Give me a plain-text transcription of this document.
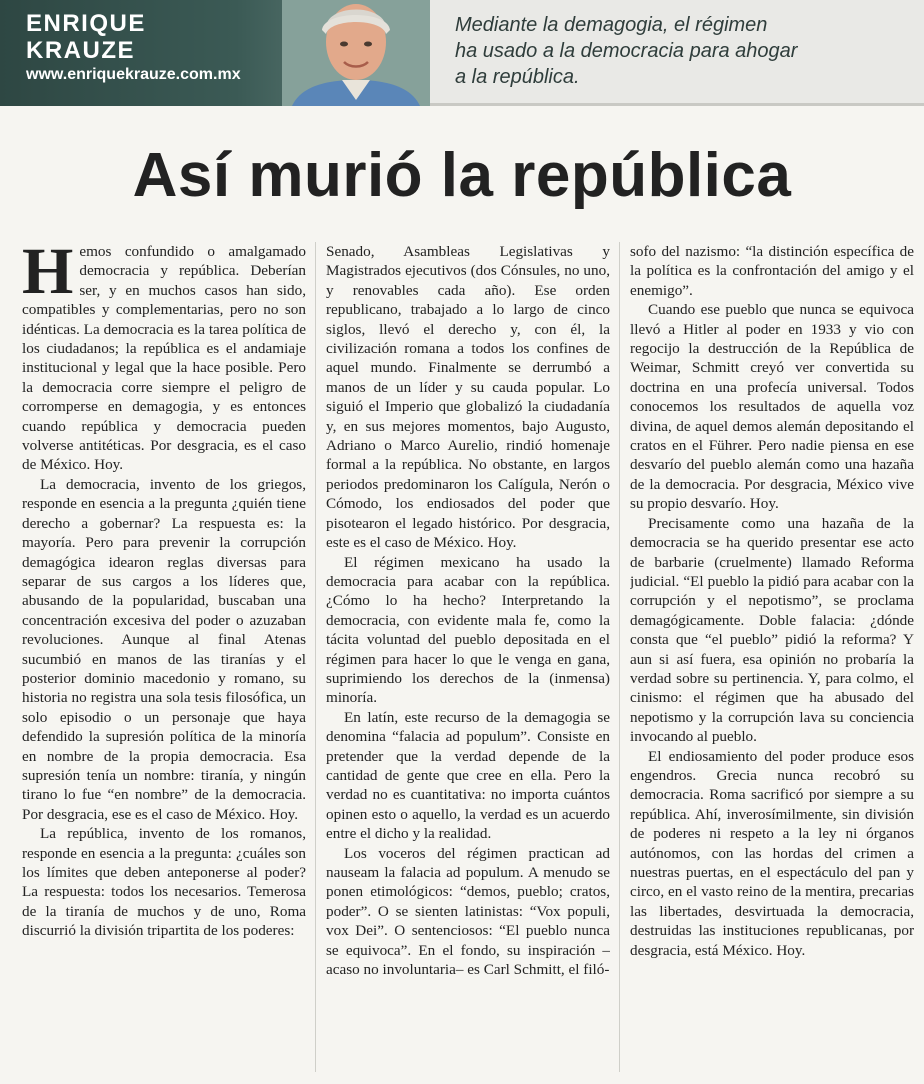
ENRIQUE
KRAUZE
www.enriquekrauze.com.mx
Mediante la demagogia, el régimen
ha usado a la democracia para ahogar
a la república.
Así murió la república

Hemos confundido o amalgamado democracia y república. Deberían ser, y en muchos casos han sido, compatibles y complementarias, pero no son idénticas. La democracia es la tarea política de los ciudadanos; la república es el andamiaje institucional y legal que la hace posible. Pero la democracia corre siempre el peligro de corromperse en demagogia, y es entonces cuando república y democracia pueden volverse antitéticas. Por desgracia, es el caso de México. Hoy.

La democracia, invento de los griegos, responde en esencia a la pregunta ¿quién tiene derecho a gobernar? La respuesta es: la mayoría. Pero para prevenir la corrupción demagógica idearon reglas diversas para separar de sus cargos a los líderes que, abusando de la popularidad, buscaban una concentración excesiva del poder o azuzaban revoluciones. Aunque al final Atenas sucumbió en manos de las tiranías y el posterior dominio macedonio y romano, su historia no registra una sola tesis filosófica, un solo episodio o un personaje que haya defendido la supresión política de la minoría en nombre de la propia democracia. Esa supresión tenía un nombre: tiranía, y ningún tirano lo fue “en nombre” de la democracia. Por desgracia, ese es el caso de México. Hoy.

La república, invento de los romanos, responde en esencia a la pregunta: ¿cuáles son los límites que deben anteponerse al poder? La respuesta: todos los necesarios. Temerosa de la tiranía de muchos y de uno, Roma discurrió la división tripartita de los poderes:

Senado, Asambleas Legislativas y Magistrados ejecutivos (dos Cónsules, no uno, y renovables cada año). Ese orden republicano, trabajado a lo largo de cinco siglos, llevó el derecho y, con él, la civilización romana a todos los confines de aquel mundo. Finalmente se derrumbó a manos de un líder y su cauda popular. Lo siguió el Imperio que globalizó la ciudadanía y, en sus mejores momentos, bajo Augusto, Adriano o Marco Aurelio, rindió homenaje formal a la república. No obstante, en largos periodos predominaron los Calígula, Nerón o Cómodo, los endiosados del poder que pisotearon el legado histórico. Por desgracia, este es el caso de México. Hoy.

El régimen mexicano ha usado la democracia para acabar con la república. ¿Cómo lo ha hecho? Interpretando la democracia, con evidente mala fe, como la tácita voluntad del pueblo depositada en el régimen para hacer lo que le venga en gana, suprimiendo los derechos de la (inmensa) minoría.

En latín, este recurso de la demagogia se denomina “falacia ad populum”. Consiste en pretender que la verdad depende de la cantidad de gente que cree en ella. Pero la verdad no es cuantitativa: no importa cuántos opinen esto o aquello, la verdad es un acuerdo entre el dicho y la realidad.

Los voceros del régimen practican ad nauseam la falacia ad populum. A menudo se ponen etimológicos: “demos, pueblo; cratos, poder”. O se sienten latinistas: “Vox populi, vox Dei”. O sentenciosos: “El pueblo nunca se equivoca”. En el fondo, su inspiración –acaso no involuntaria– es Carl Schmitt, el filó-

sofo del nazismo: “la distinción específica de la política es la confrontación del amigo y el enemigo”.

Cuando ese pueblo que nunca se equivoca llevó a Hitler al poder en 1933 y vio con regocijo la destrucción de la República de Weimar, Schmitt creyó ver convertida su doctrina en una profecía universal. Todos conocemos los resultados de aquella voz divina, de aquel demos alemán depositando el cratos en el Führer. Pero nadie piensa en ese desvarío del pueblo alemán como una hazaña de la democracia. Por desgracia, México vive su propio desvarío. Hoy.

Precisamente como una hazaña de la democracia se ha querido presentar ese acto de barbarie (cruelmente) llamado Reforma judicial. “El pueblo la pidió para acabar con la corrupción y el nepotismo”, se proclama demagógicamente. Doble falacia: ¿dónde consta que “el pueblo” pidió la reforma? Y aun si así fuera, esa opinión no probaría la verdad sobre su pertinencia. Y, para colmo, el cinismo: el régimen que ha abusado del nepotismo y la corrupción lava su conciencia invocando al pueblo.

El endiosamiento del poder produce esos engendros. Grecia nunca recobró su democracia. Roma sacrificó por siempre a su república. Ahí, inverosímilmente, sin división de poderes ni respeto a la ley ni órganos autónomos, con las hordas del crimen a nuestras puertas, en el espectáculo del pan y circo, en el vasto reino de la mentira, precarias las libertades, desvirtuada la democracia, destruidas las instituciones republicanas, por desgracia, está México. Hoy.
